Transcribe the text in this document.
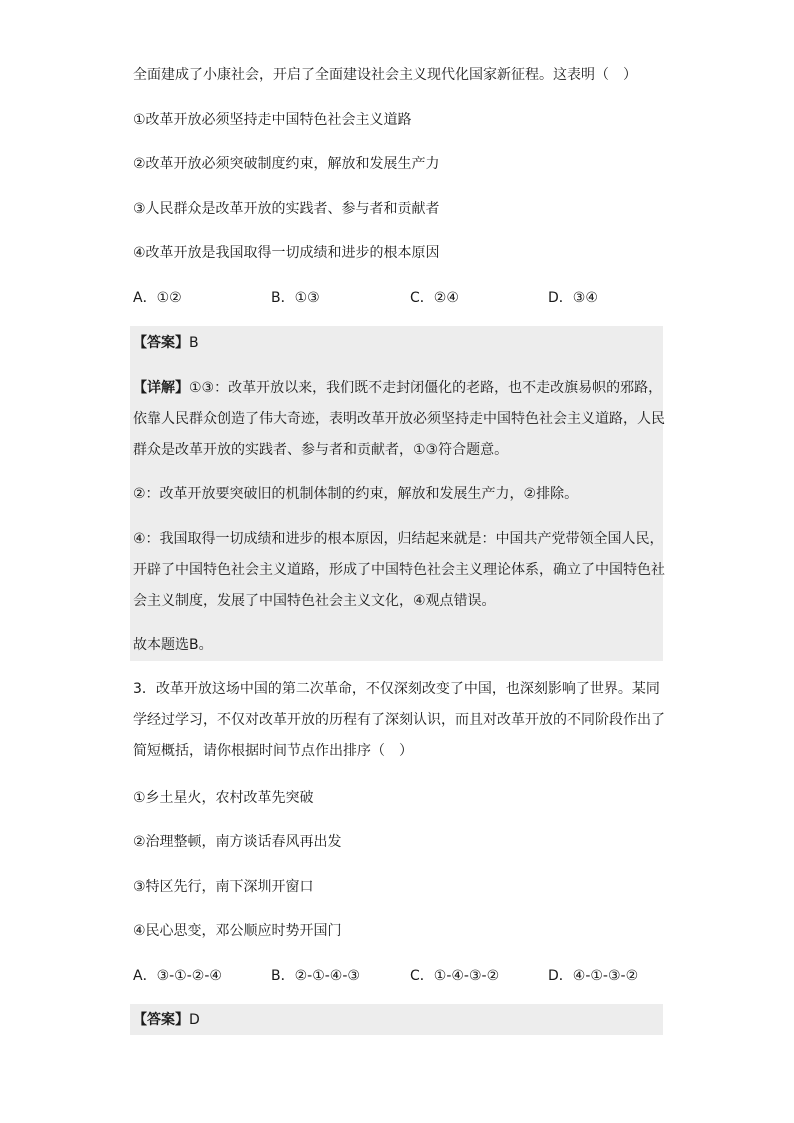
全面建成了小康社会，开启了全面建设社会主义现代化国家新征程。这表明（　）
①改革开放必须坚持走中国特色社会主义道路
②改革开放必须突破制度约束，解放和发展生产力
③人民群众是改革开放的实践者、参与者和贡献者
④改革开放是我国取得一切成绩和进步的根本原因
A．①②	B．①③	C．②④	D．③④
【答案】B
【详解】①③：改革开放以来，我们既不走封闭僵化的老路，也不走改旗易帜的邪路，
依靠人民群众创造了伟大奇迹，表明改革开放必须坚持走中国特色社会主义道路，人民
群众是改革开放的实践者、参与者和贡献者，①③符合题意。
②：改革开放要突破旧的机制体制的约束，解放和发展生产力，②排除。
④：我国取得一切成绩和进步的根本原因，归结起来就是：中国共产党带领全国人民，
开辟了中国特色社会主义道路，形成了中国特色社会主义理论体系，确立了中国特色社
会主义制度，发展了中国特色社会主义文化，④观点错误。
故本题选B。
3．改革开放这场中国的第二次革命，不仅深刻改变了中国，也深刻影响了世界。某同
学经过学习，不仅对改革开放的历程有了深刻认识，而且对改革开放的不同阶段作出了
简短概括，请你根据时间节点作出排序（　）
①乡土星火，农村改革先突破
②治理整顿，南方谈话春风再出发
③特区先行，南下深圳开窗口
④民心思变，邓公顺应时势开国门
A．③-①-②-④	B．②-①-④-③	C．①-④-③-②	D．④-①-③-②
【答案】D
